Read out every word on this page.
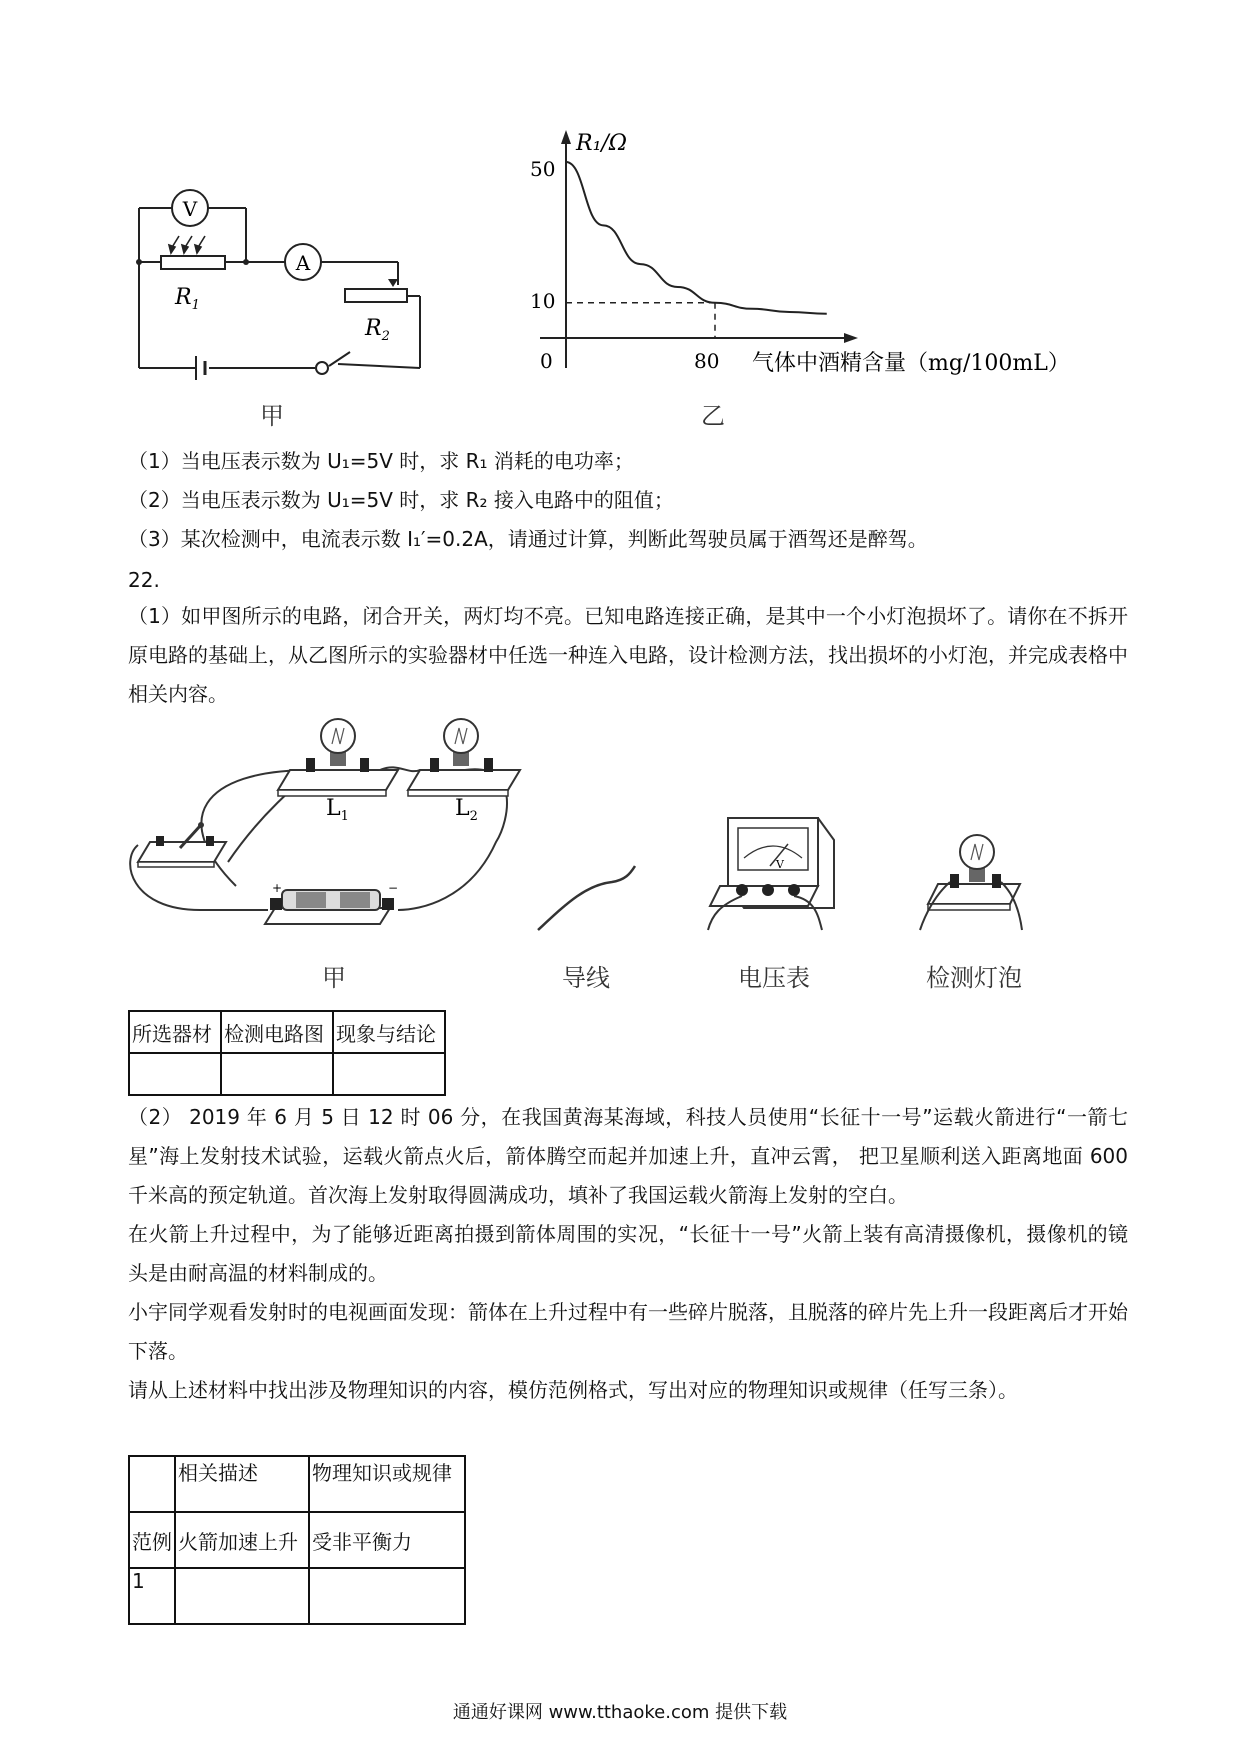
V
A
$R_1$
$R_2$
甲
R₁/Ω
50
10
0	80 气体中酒精含量（mg/100mL）
乙
（1）当电压表示数为 U₁=5V 时，求 R₁ 消耗的电功率；
（2）当电压表示数为 U₁=5V 时，求 R₂ 接入电路中的阻值；
（3）某次检测中，电流表示数 I₁′=0.2A，请通过计算，判断此驾驶员属于酒驾还是醉驾。
22.
（1）如甲图所示的电路，闭合开关，两灯均不亮。已知电路连接正确，是其中一个小灯泡损坏了。请你在不拆开原电路的基础上，从乙图所示的实验器材中任选一种连入电路，设计检测方法，找出损坏的小灯泡，并完成表格中相关内容。
$L_1$	$L_2$
+	−
V
甲	导线	电压表	检测灯泡
所选器材	检测电路图	现象与结论

（2） 2019 年 6 月 5 日 12 时 06 分，在我国黄海某海域，科技人员使用“长征十一号”运载火箭进行“一箭七星”海上发射技术试验，运载火箭点火后，箭体腾空而起并加速上升，直冲云霄， 把卫星顺利送入距离地面 600 千米高的预定轨道。首次海上发射取得圆满成功，填补了我国运载火箭海上发射的空白。
在火箭上升过程中，为了能够近距离拍摄到箭体周围的实况，“长征十一号”火箭上装有高清摄像机，摄像机的镜头是由耐高温的材料制成的。
小宇同学观看发射时的电视画面发现：箭体在上升过程中有一些碎片脱落，且脱落的碎片先上升一段距离后才开始下落。
请从上述材料中找出涉及物理知识的内容，模仿范例格式，写出对应的物理知识或规律（任写三条）。
	相关描述	物理知识或规律
范例	火箭加速上升	受非平衡力
1		
通通好课网 www.tthaoke.com 提供下载
